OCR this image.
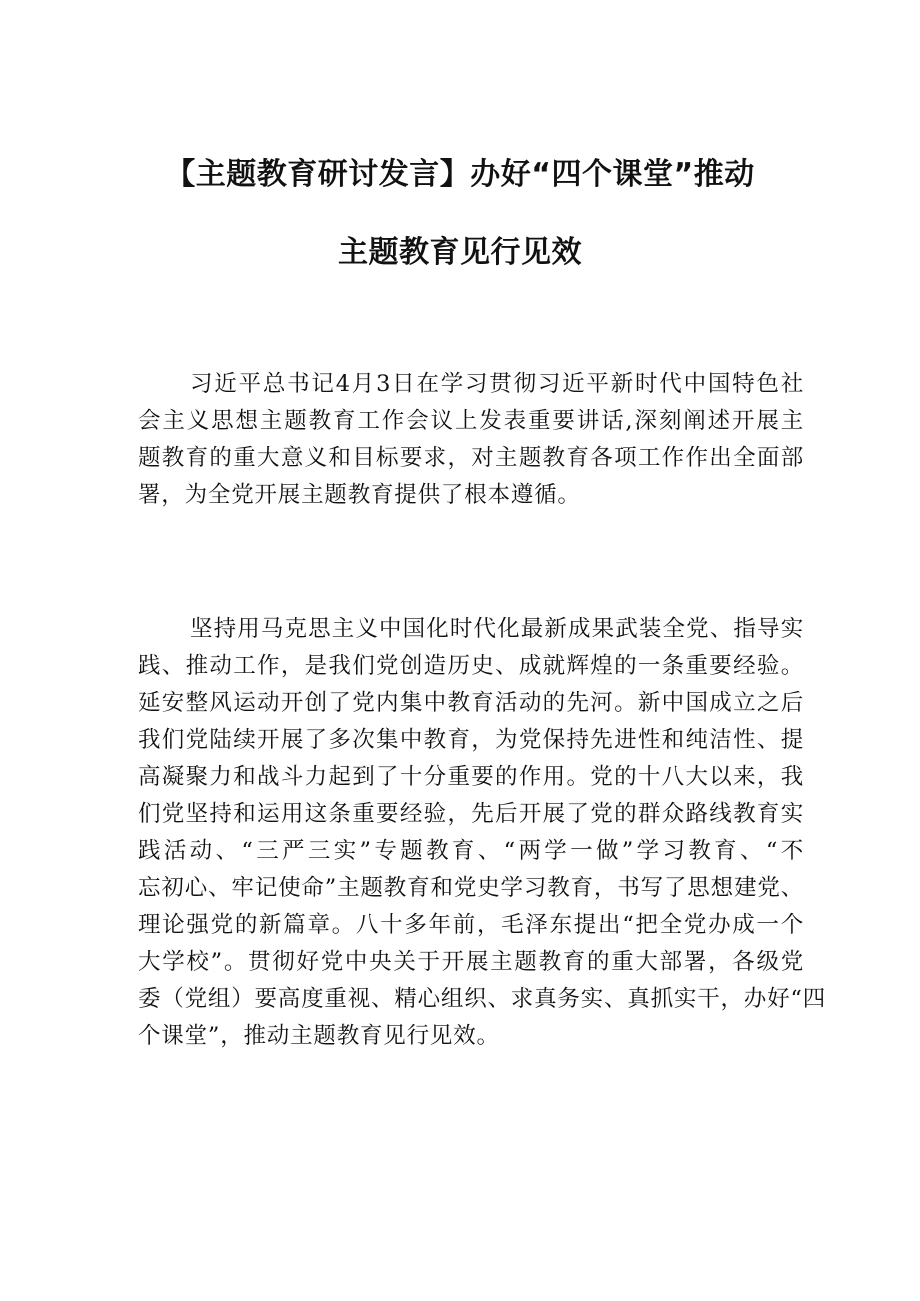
【主题教育研讨发言】办好“四个课堂”推动
主题教育见行见效
习近平总书记4月3日在学习贯彻习近平新时代中国特色社
会主义思想主题教育工作会议上发表重要讲话,深刻阐述开展主
题教育的重大意义和目标要求，对主题教育各项工作作出全面部
署，为全党开展主题教育提供了根本遵循。
坚持用马克思主义中国化时代化最新成果武装全党、指导实
践、推动工作，是我们党创造历史、成就辉煌的一条重要经验。
延安整风运动开创了党内集中教育活动的先河。新中国成立之后
我们党陆续开展了多次集中教育，为党保持先进性和纯洁性、提
高凝聚力和战斗力起到了十分重要的作用。党的十八大以来，我
们党坚持和运用这条重要经验，先后开展了党的群众路线教育实
践活动、“三严三实”专题教育、“两学一做”学习教育、“不
忘初心、牢记使命”主题教育和党史学习教育，书写了思想建党、
理论强党的新篇章。八十多年前，毛泽东提出“把全党办成一个
大学校”。贯彻好党中央关于开展主题教育的重大部署，各级党
委（党组）要高度重视、精心组织、求真务实、真抓实干，办好“四
个课堂”，推动主题教育见行见效。
